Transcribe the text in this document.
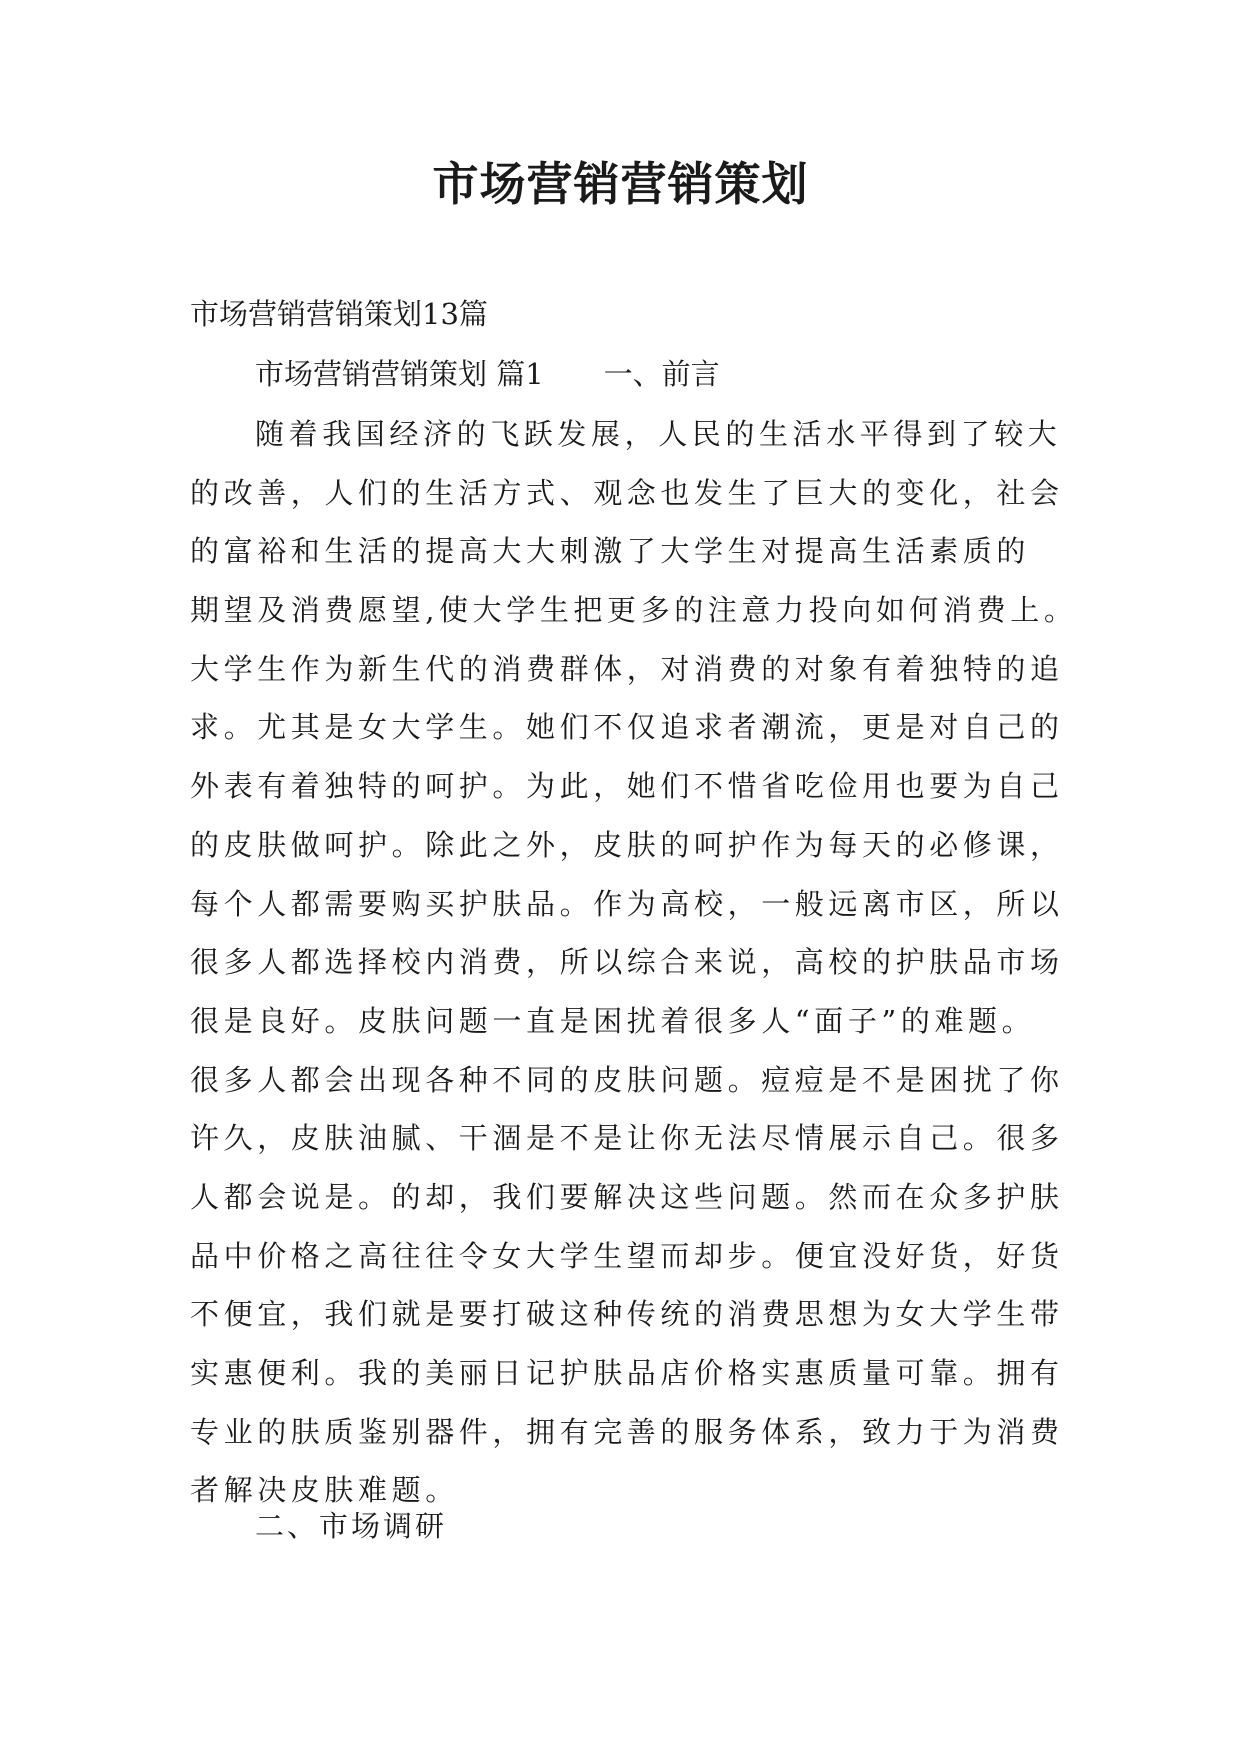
市场营销营销策划

市场营销营销策划13篇

市场营销营销策划 篇1 一、前言

随着我国经济的飞跃发展，人民的生活水平得到了较大
的改善，人们的生活方式、观念也发生了巨大的变化，社会
的富裕和生活的提高大大刺激了大学生对提高生活素质的
期望及消费愿望,使大学生把更多的注意力投向如何消费上。
大学生作为新生代的消费群体，对消费的对象有着独特的追
求。尤其是女大学生。她们不仅追求者潮流，更是对自己的
外表有着独特的呵护。为此，她们不惜省吃俭用也要为自己
的皮肤做呵护。除此之外，皮肤的呵护作为每天的必修课，
每个人都需要购买护肤品。作为高校，一般远离市区，所以
很多人都选择校内消费，所以综合来说，高校的护肤品市场
很是良好。皮肤问题一直是困扰着很多人“面子”的难题。
很多人都会出现各种不同的皮肤问题。痘痘是不是困扰了你
许久，皮肤油腻、干涸是不是让你无法尽情展示自己。很多
人都会说是。的却，我们要解决这些问题。然而在众多护肤
品中价格之高往往令女大学生望而却步。便宜没好货，好货
不便宜，我们就是要打破这种传统的消费思想为女大学生带
实惠便利。我的美丽日记护肤品店价格实惠质量可靠。拥有
专业的肤质鉴别器件，拥有完善的服务体系，致力于为消费
者解决皮肤难题。

二、市场调研
